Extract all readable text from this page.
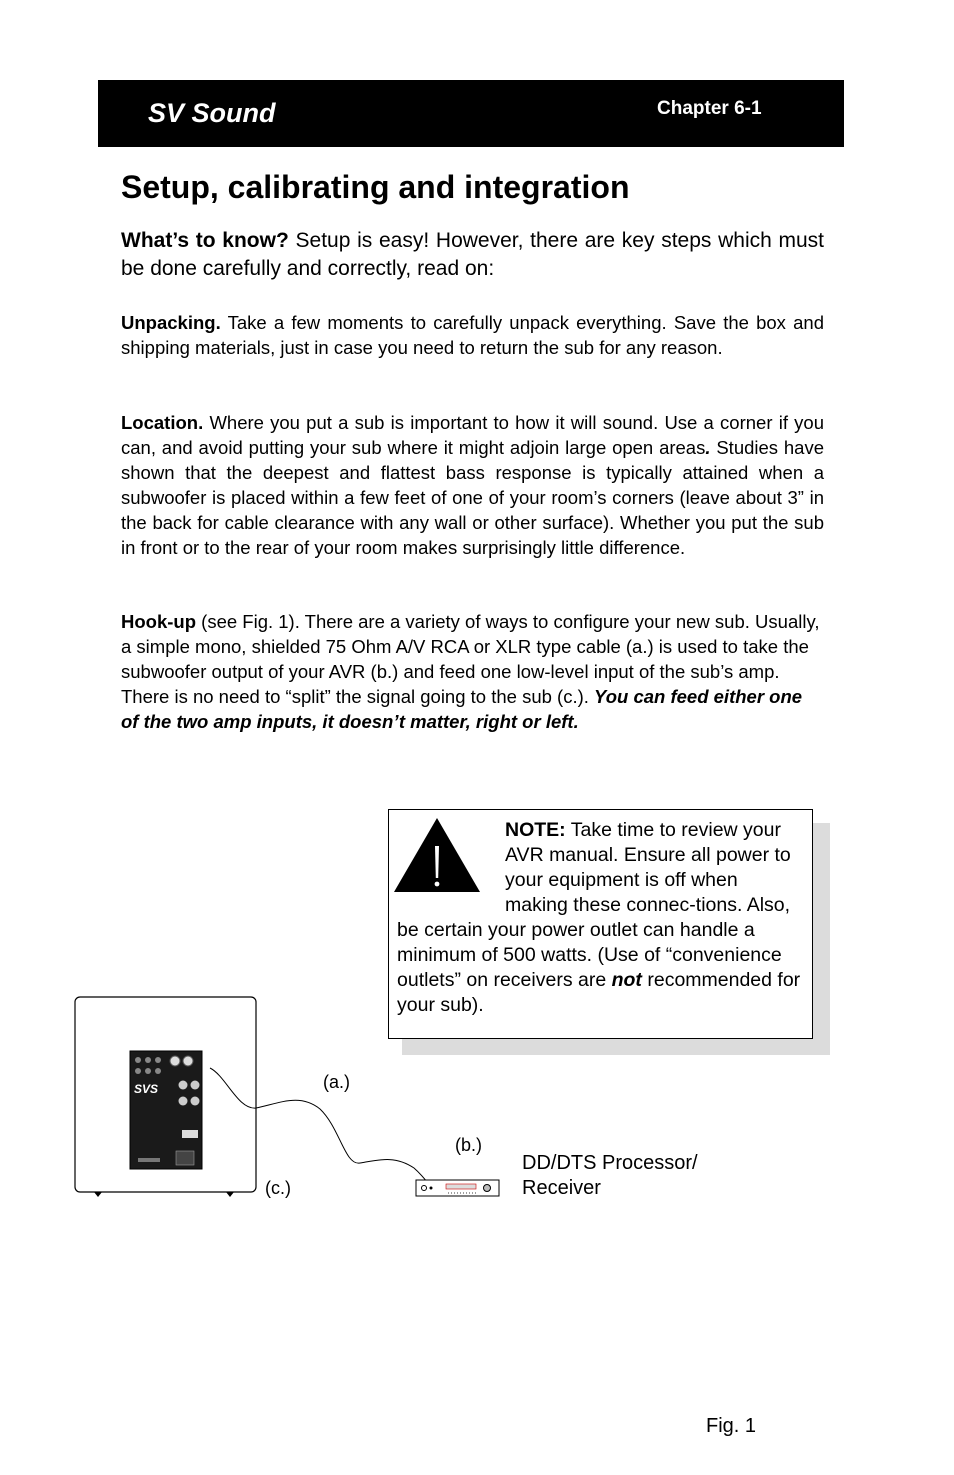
SV Sound	Chapter 6-1
Setup, calibrating and integration
What’s to know? Setup is easy! However, there are key steps which must be done carefully and correctly, read on:

Unpacking. Take a few moments to carefully unpack everything. Save the box and shipping materials, just in case you need to return the sub for any reason.

Location. Where you put a sub is important to how it will sound. Use a corner if you can, and avoid putting your sub where it might adjoin large open areas. Studies have shown that the deepest and flattest bass response is typically attained when a subwoofer is placed within a few feet of one of your room’s corners (leave about 3” in the back for cable clearance with any wall or other surface). Whether you put the sub in front or to the rear of your room makes surprisingly little difference.

Hook-up (see Fig. 1). There are a variety of ways to configure your new sub. Usually, a simple mono, shielded 75 Ohm A/V RCA or XLR type cable (a.) is used to take the subwoofer output of your AVR (b.) and feed one low-level input of the sub’s amp. There is no need to “split” the signal going to the sub (c.). You can feed either one of the two amp inputs, it doesn’t matter, right or left.

NOTE: Take time to review your AVR manual. Ensure all power to your equipment is off when making these connec-tions. Also, be certain your power outlet can handle a minimum of 500 watts. (Use of “convenience outlets” on receivers are not recommended for your sub).
SVS	(a.)
(b.)
(c.)
DD/DTS Processor/
Receiver
Fig. 1
